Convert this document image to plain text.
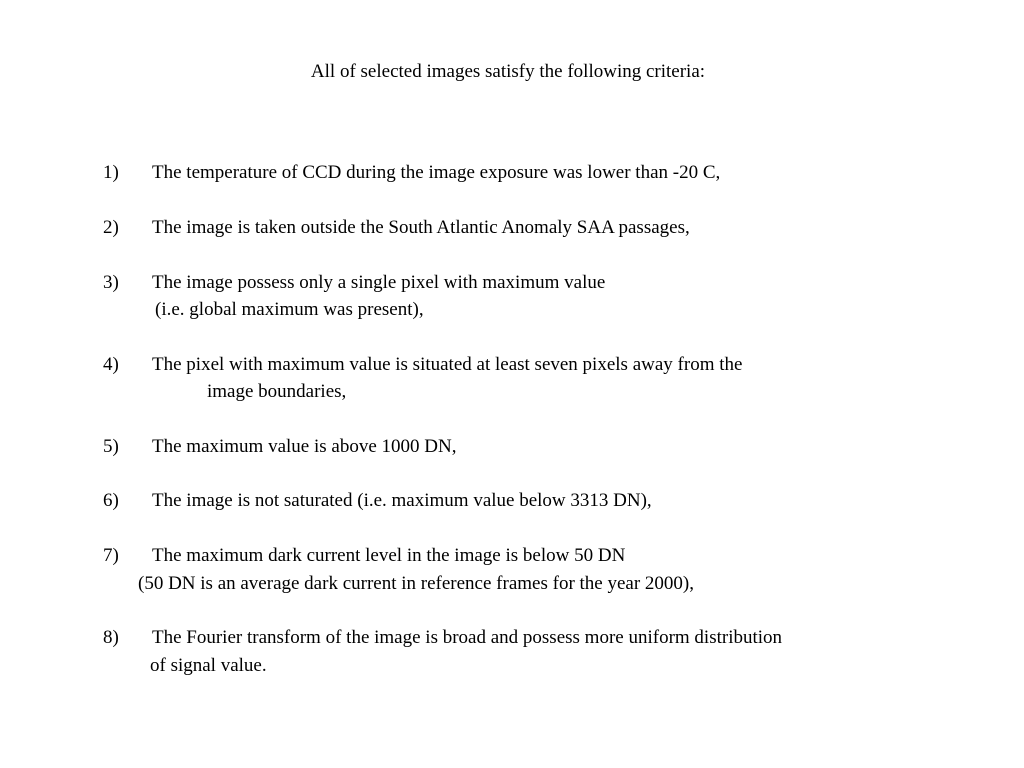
All of selected images satisfy the following criteria:
1) The temperature of CCD during the image exposure was lower than -20 C,
2) The image is taken outside the South Atlantic Anomaly SAA passages,
3) The image possess only a single pixel with maximum value
(i.e. global maximum was present),
4) The pixel with maximum value is situated at least seven pixels away from the
image boundaries,
5) The maximum value is above 1000 DN,
6) The image is not saturated (i.e. maximum value below 3313 DN),
7) The maximum dark current level in the image is below 50 DN
(50 DN is an average dark current in reference frames for the year 2000),
8) The Fourier transform of the image is broad and possess more uniform distribution
of signal value.
